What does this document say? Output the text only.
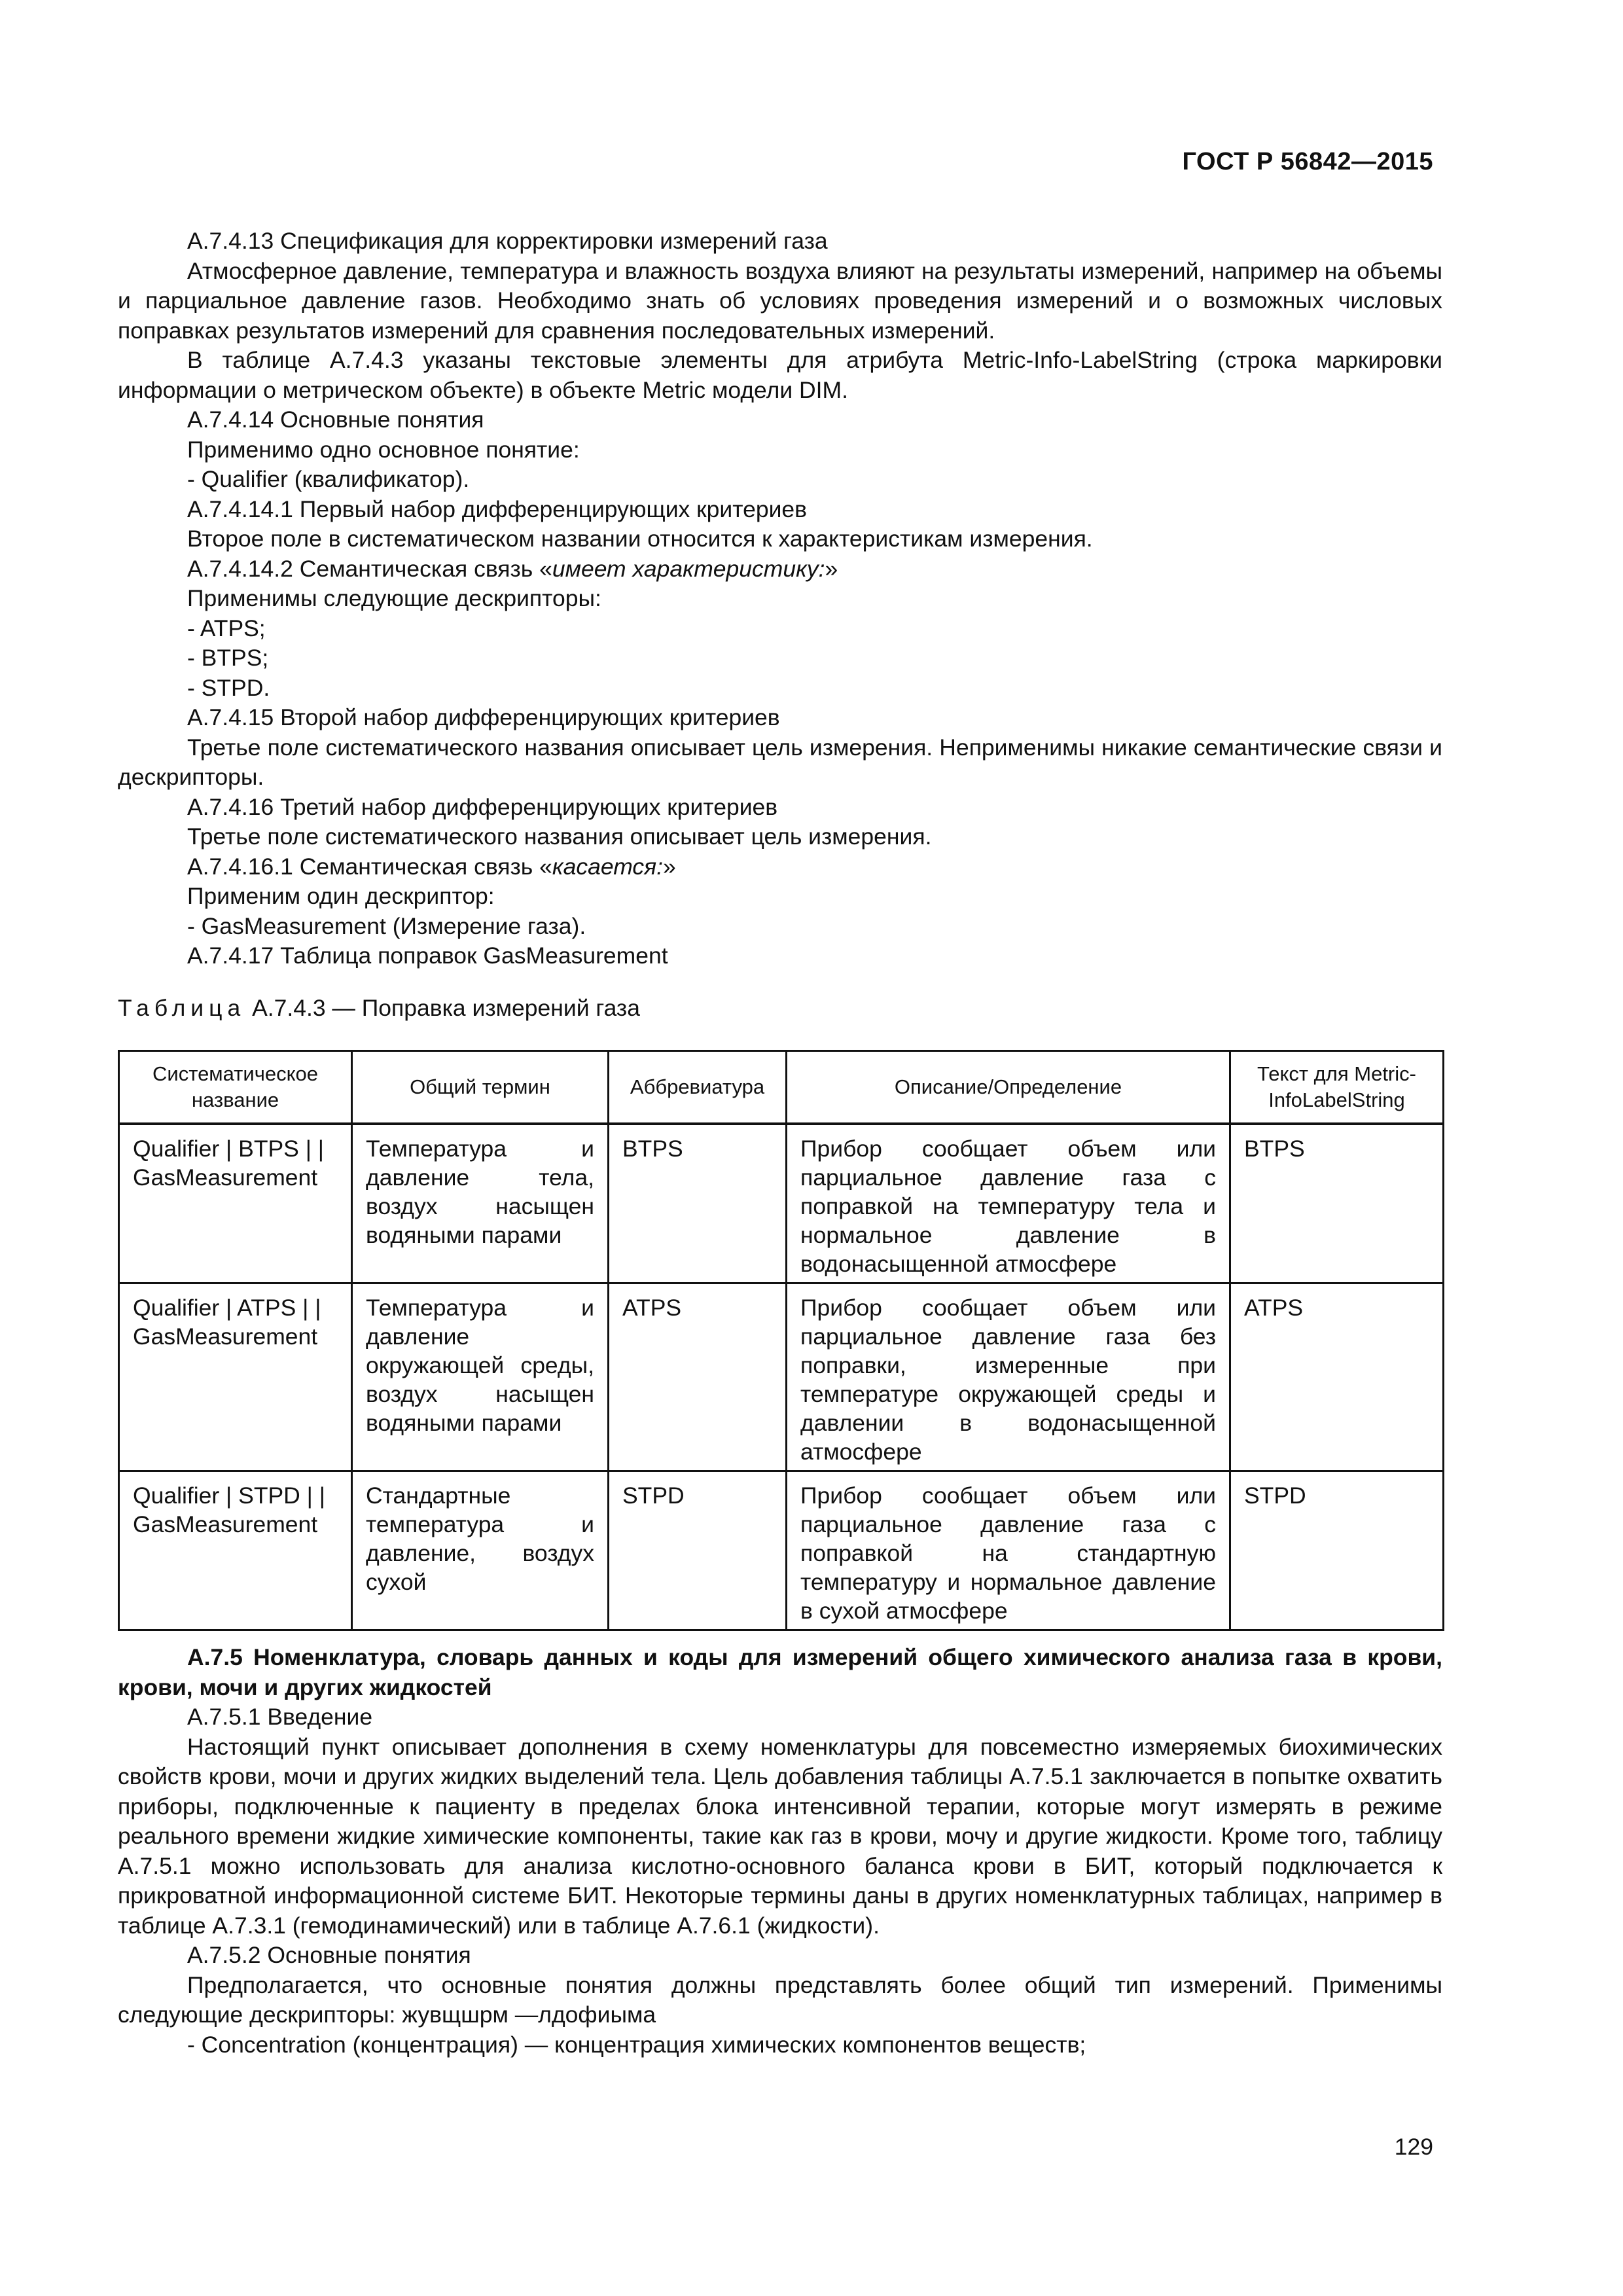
ГОСТ Р 56842—2015

А.7.4.13 Спецификация для корректировки измерений газа

Атмосферное давление, температура и влажность воздуха влияют на результаты измерений, например на объемы и парциальное давление газов. Необходимо знать об условиях проведения измерений и о возможных числовых поправках результатов измерений для сравнения последовательных измерений.

В таблице А.7.4.3 указаны текстовые элементы для атрибута Metric-Info-LabelString (строка маркировки информации о метрическом объекте) в объекте Metric модели DIM.

А.7.4.14 Основные понятия

Применимо одно основное понятие:

- Qualifier (квалификатор).

А.7.4.14.1 Первый набор дифференцирующих критериев

Второе поле в систематическом названии относится к характеристикам измерения.

А.7.4.14.2 Семантическая связь «имеет характеристику:»

Применимы следующие дескрипторы:

- ATPS;

- BTPS;

- STPD.

А.7.4.15 Второй набор дифференцирующих критериев

Третье поле систематического названия описывает цель измерения. Неприменимы никакие семантические связи и дескрипторы.

А.7.4.16 Третий набор дифференцирующих критериев

Третье поле систематического названия описывает цель измерения.

А.7.4.16.1 Семантическая связь «касается:»

Применим один дескриптор:

- GasMeasurement (Измерение газа).

А.7.4.17 Таблица поправок GasMeasurement

Таблица А.7.4.3 — Поправка измерений газа
Систематическое название	Общий термин	Аббревиатура	Описание/Определение	Текст для Metric-InfoLabelString
Qualifier | BTPS | | GasMeasurement	Температура и давление тела, воздух насыщен водяными парами	BTPS	Прибор сообщает объем или парциальное давление газа с поправкой на температуру тела и нормальное давление в водонасыщенной атмосфере	BTPS
Qualifier | ATPS | | GasMeasurement	Температура и давление окружающей среды, воздух насыщен водяными парами	ATPS	Прибор сообщает объем или парциальное давление газа без поправки, измеренные при температуре окружающей среды и давлении в водонасыщенной атмосфере	ATPS
Qualifier | STPD | | GasMeasurement	Стандартные температура и давление, воздух сухой	STPD	Прибор сообщает объем или парциальное давление газа с поправкой на стандартную температуру и нормальное давление в сухой атмосфере	STPD

А.7.5 Номенклатура, словарь данных и коды для измерений общего химического анализа газа в крови, крови, мочи и других жидкостей

А.7.5.1 Введение

Настоящий пункт описывает дополнения в схему номенклатуры для повсеместно измеряемых биохимических свойств крови, мочи и других жидких выделений тела. Цель добавления таблицы А.7.5.1 заключается в попытке охватить приборы, подключенные к пациенту в пределах блока интенсивной терапии, которые могут измерять в режиме реального времени жидкие химические компоненты, такие как газ в крови, мочу и другие жидкости. Кроме того, таблицу А.7.5.1 можно использовать для анализа кислотно-основного баланса крови в БИТ, который подключается к прикроватной информационной системе БИТ. Некоторые термины даны в других номенклатурных таблицах, например в таблице А.7.3.1 (гемодинамический) или в таблице А.7.6.1 (жидкости).

А.7.5.2 Основные понятия

Предполагается, что основные понятия должны представлять более общий тип измерений. Применимы следующие дескрипторы: жувщшрм —лдофиыма

- Concentration (концентрация) — концентрация химических компонентов веществ;

129
